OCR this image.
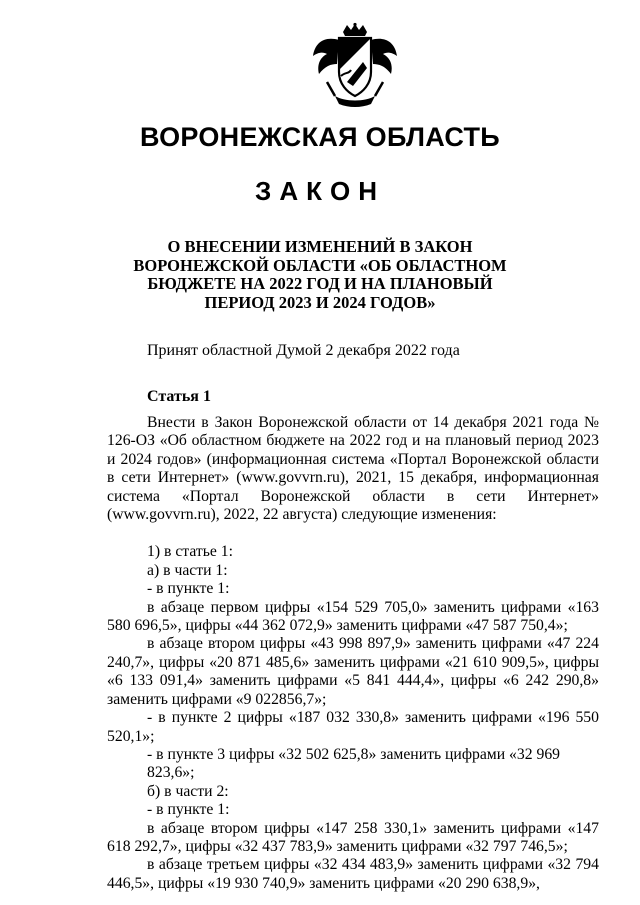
ВОРОНЕЖСКАЯ ОБЛАСТЬ
ЗАКОН
О ВНЕСЕНИИ ИЗМЕНЕНИЙ В ЗАКОН
ВОРОНЕЖСКОЙ ОБЛАСТИ «ОБ ОБЛАСТНОМ
БЮДЖЕТЕ НА 2022 ГОД И НА ПЛАНОВЫЙ
ПЕРИОД 2023 И 2024 ГОДОВ»
Принят областной Думой 2 декабря 2022 года
Статья 1

Внести в Закон Воронежской области от 14 декабря 2021 года № 126-ОЗ «Об областном бюджете на 2022 год и на плановый период 2023 и 2024 годов» (информационная система «Портал Воронежской области в сети Интернет» (www.govvrn.ru), 2021, 15 декабря, информационная система «Портал Воронежской области в сети Интернет» (www.govvrn.ru), 2022, 22 августа) следующие изменения:

1) в статье 1:
а) в части 1:
- в пункте 1:

в абзаце первом цифры «154 529 705,0» заменить цифрами «163 580 696,5», цифры «44 362 072,9» заменить цифрами «47 587 750,4»;

в абзаце втором цифры «43 998 897,9» заменить цифрами «47 224 240,7», цифры «20 871 485,6» заменить цифрами «21 610 909,5», цифры «6 133 091,4» заменить цифрами «5 841 444,4», цифры «6 242 290,8» заменить цифрами «9 022856,7»;

- в пункте 2 цифры «187 032 330,8» заменить цифрами «196 550 520,1»;

- в пункте 3 цифры «32 502 625,8» заменить цифрами «32 969 823,6»;
б) в части 2:
- в пункте 1:

в абзаце втором цифры «147 258 330,1» заменить цифрами «147 618 292,7», цифры «32 437 783,9» заменить цифрами «32 797 746,5»;

в абзаце третьем цифры «32 434 483,9» заменить цифрами «32 794 446,5», цифры «19 930 740,9» заменить цифрами «20 290 638,9»,
